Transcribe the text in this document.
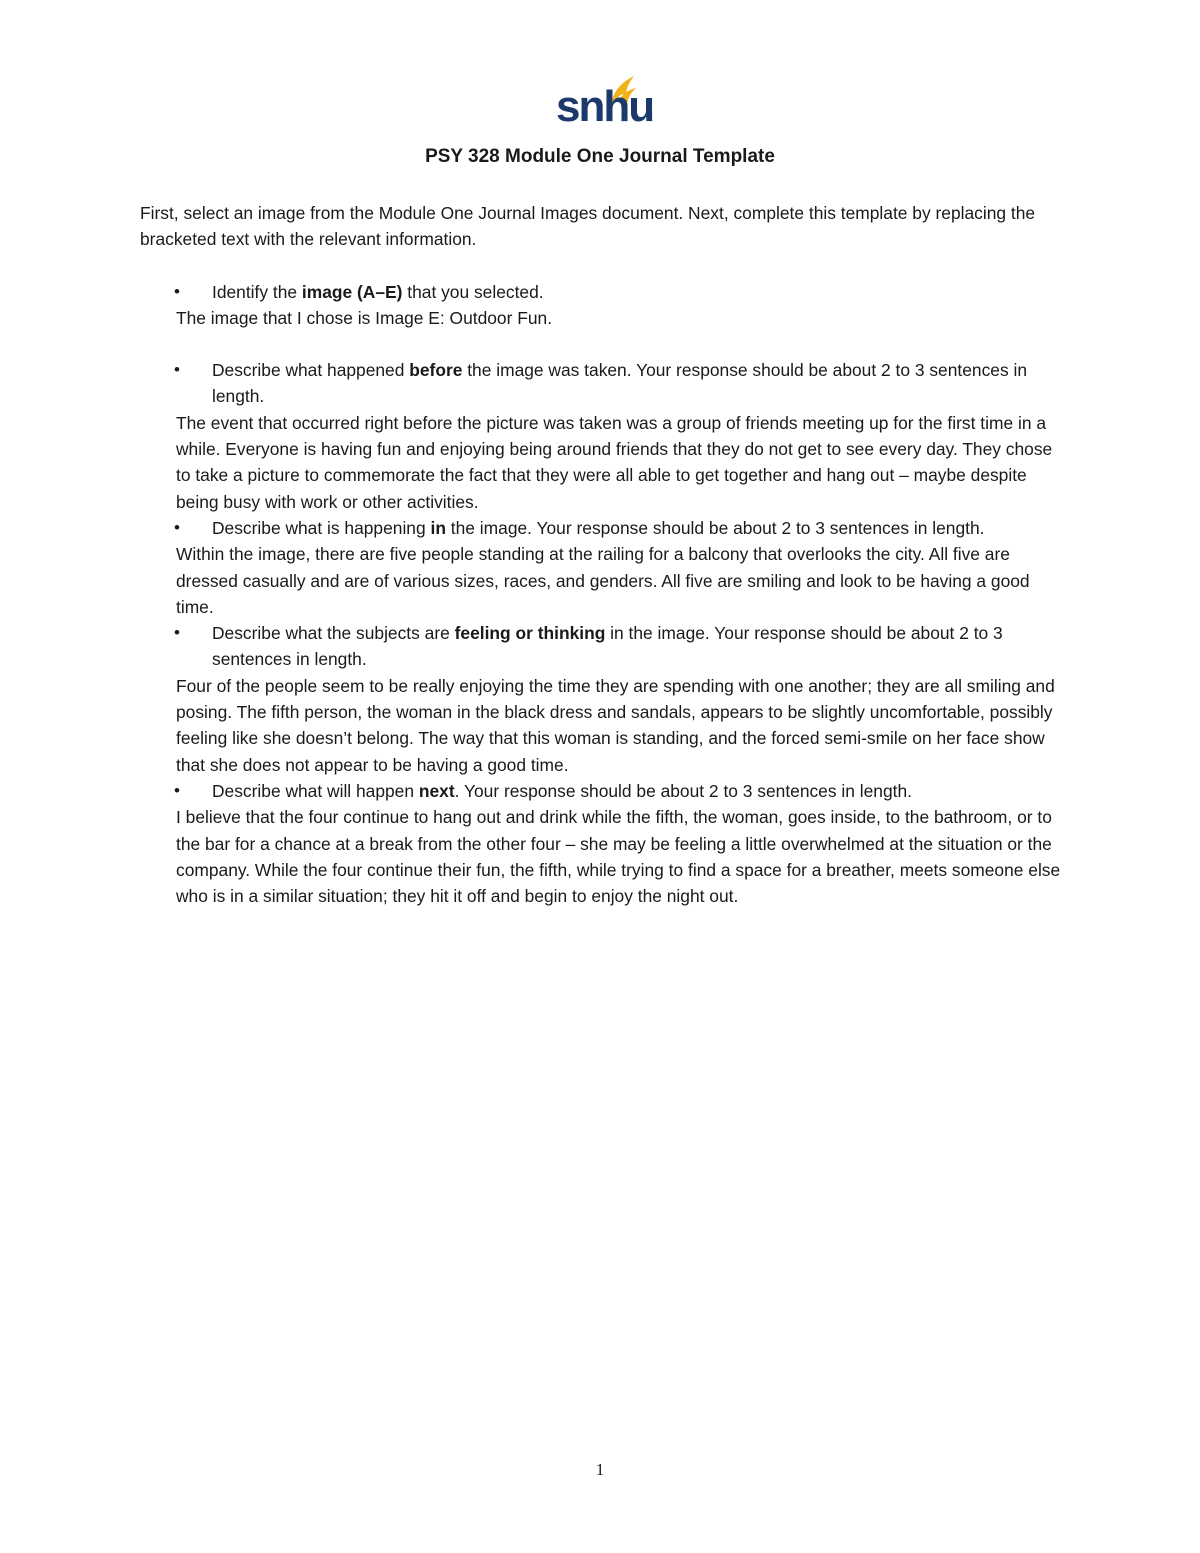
snhu
PSY 328 Module One Journal Template

First, select an image from the Module One Journal Images document. Next, complete this template by replacing the bracketed text with the relevant information.

• Identify the image (A–E) that you selected.

The image that I chose is Image E: Outdoor Fun.

• Describe what happened before the image was taken. Your response should be about 2 to 3 sentences in length.

The event that occurred right before the picture was taken was a group of friends meeting up for the first time in a while. Everyone is having fun and enjoying being around friends that they do not get to see every day. They chose to take a picture to commemorate the fact that they were all able to get together and hang out – maybe despite being busy with work or other activities.

• Describe what is happening in the image. Your response should be about 2 to 3 sentences in length.

Within the image, there are five people standing at the railing for a balcony that overlooks the city. All five are dressed casually and are of various sizes, races, and genders. All five are smiling and look to be having a good time.

• Describe what the subjects are feeling or thinking in the image. Your response should be about 2 to 3 sentences in length.

Four of the people seem to be really enjoying the time they are spending with one another; they are all smiling and posing. The fifth person, the woman in the black dress and sandals, appears to be slightly uncomfortable, possibly feeling like she doesn’t belong. The way that this woman is standing, and the forced semi-smile on her face show that she does not appear to be having a good time.

• Describe what will happen next. Your response should be about 2 to 3 sentences in length.

I believe that the four continue to hang out and drink while the fifth, the woman, goes inside, to the bathroom, or to the bar for a chance at a break from the other four – she may be feeling a little overwhelmed at the situation or the company. While the four continue their fun, the fifth, while trying to find a space for a breather, meets someone else who is in a similar situation; they hit it off and begin to enjoy the night out.

1
